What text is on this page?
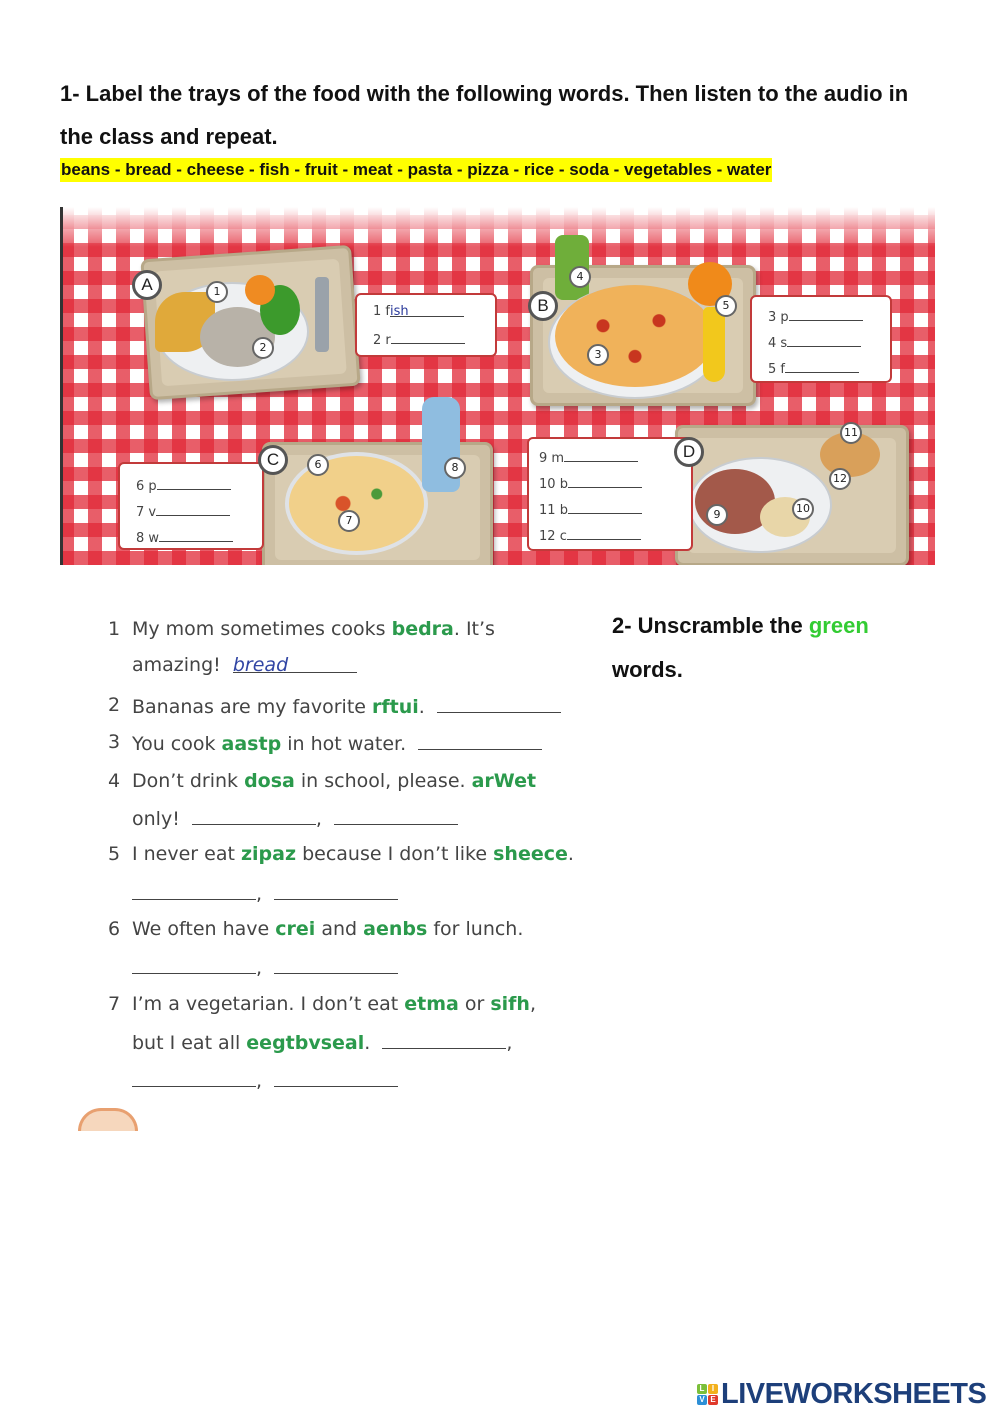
1- Label the trays of the food with the following words. Then listen to the audio in the class and repeat.
beans - bread - cheese - fish - fruit - meat - pasta - pizza - rice - soda - vegetables - water
A
B
C	D
1
2
3
4
5
6
7
8
9	10
11
12
1 fish
2 r
3 p
4 s
5 f
6 p
7 v
8 w
9 m
10 b
11 b
12 c
1 My mom sometimes cooks bedra. It’s
amazing!  bread
2 Bananas are my favorite rftui.
3 You cook aastp in hot water.
4 Don’t drink dosa in school, please. arWet
only!	,
5 I never eat zipaz because I don’t like sheece.
,
6 We often have crei and aenbs for lunch.
,
7 I’m a vegetarian. I don’t eat etma or sifh,
but I eat all eegtbvseal.	,
,
2- Unscramble the green words.
L I
V E LIVEWORKSHEETS
